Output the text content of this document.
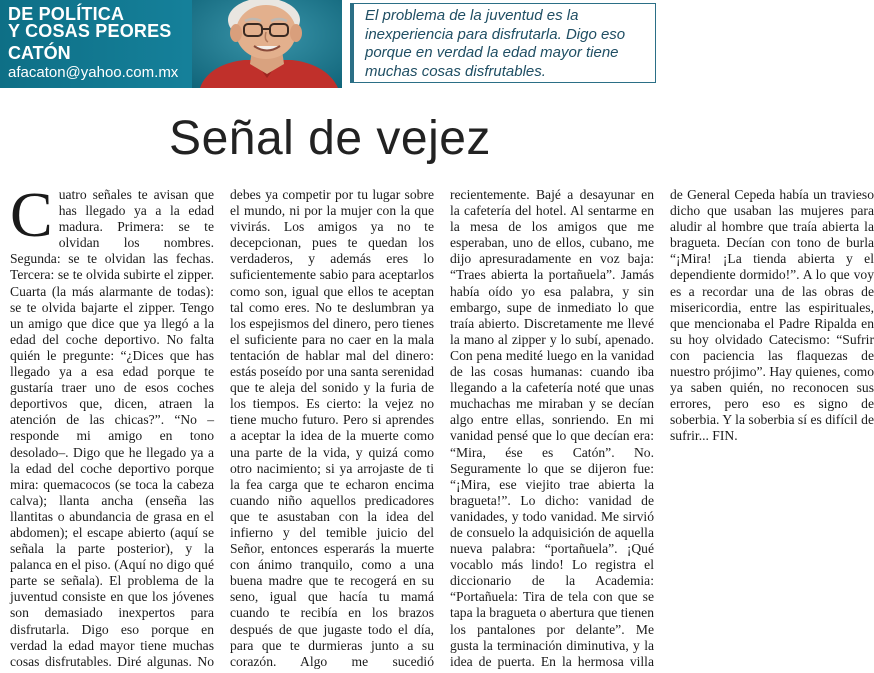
DE POLÍTICA
Y COSAS PEORES
CATÓN
afacaton@yahoo.com.mx
El problema de la juventud es la inexperiencia para disfrutarla. Digo eso porque en verdad la edad mayor tiene muchas cosas disfrutables.
Señal de vejez

Cuatro señales te avisan que has llegado ya a la edad madura. Primera: se te olvidan los nombres. Segunda: se te olvidan las fechas. Tercera: se te olvida subirte el zipper. Cuarta (la más alarmante de todas): se te olvida bajarte el zipper. Tengo un amigo que dice que ya llegó a la edad del coche deportivo. No falta quién le pregunte: “¿Dices que has llegado ya a esa edad porque te gustaría traer uno de esos coches deportivos que, dicen, atraen la atención de las chicas?”. “No –responde mi amigo en tono desolado–. Digo que he llegado ya a la edad del coche deportivo porque mira: quemacocos (se toca la cabeza calva); llanta ancha (enseña las llantitas o abundancia de grasa en el abdomen); el escape abierto (aquí se señala la parte posterior), y la palanca en el piso. (Aquí no digo qué parte se señala). El problema de la juventud consiste en que los jóvenes son demasiado inexpertos para disfrutarla. Digo eso porque en verdad la edad mayor tiene muchas cosas disfrutables. Diré algunas. No debes ya competir por tu lugar sobre el mundo, ni por la mujer con la que vivirás. Los amigos ya no te decepcionan, pues te quedan los verdaderos, y además eres lo suficientemente sabio para aceptarlos como son, igual que ellos te aceptan tal como eres. No te deslumbran ya los espejismos del dinero, pero tienes el suficiente para no caer en la mala tentación de hablar mal del dinero: estás poseído por una santa serenidad que te aleja del sonido y la furia de los tiempos. Es cierto: la vejez no tiene mucho futuro. Pero si aprendes a aceptar la idea de la muerte como una parte de la vida, y quizá como otro nacimiento; si ya arrojaste de ti la fea carga que te echaron encima cuando niño aquellos predicadores que te asustaban con la idea del infierno y del temible juicio del Señor, entonces esperarás la muerte con ánimo tranquilo, como a una buena madre que te recogerá en su seno, igual que hacía tu mamá cuando te recibía en los brazos después de que jugaste todo el día, para que te durmieras junto a su corazón. Algo me sucedió recientemente. Bajé a desayunar en la cafetería del hotel. Al sentarme en la mesa de los amigos que me esperaban, uno de ellos, cubano, me dijo apresuradamente en voz baja: “Traes abierta la portañuela”. Jamás había oído yo esa palabra, y sin embargo, supe de inmediato lo que traía abierto. Discretamente me llevé la mano al zipper y lo subí, apenado. Con pena medité luego en la vanidad de las cosas humanas: cuando iba llegando a la cafetería noté que unas muchachas me miraban y se decían algo entre ellas, sonriendo. En mi vanidad pensé que lo que decían era: “Mira, ése es Catón”. No. Seguramente lo que se dijeron fue: “¡Mira, ese viejito trae abierta la bragueta!”. Lo dicho: vanidad de vanidades, y todo vanidad. Me sirvió de consuelo la adquisición de aquella nueva palabra: “portañuela”. ¡Qué vocablo más lindo! Lo registra el diccionario de la Academia: “Portañuela: Tira de tela con que se tapa la bragueta o abertura que tienen los pantalones por delante”. Me gusta la terminación diminutiva, y la idea de puerta. En la hermosa villa de General Cepeda había un travieso dicho que usaban las mujeres para aludir al hombre que traía abierta la bragueta. Decían con tono de burla “¡Mira! ¡La tienda abierta y el dependiente dormido!”. A lo que voy es a recordar una de las obras de misericordia, entre las espirituales, que mencionaba el Padre Ripalda en su hoy olvidado Catecismo: “Sufrir con paciencia las flaquezas de nuestro prójimo”. Hay quienes, como ya saben quién, no reconocen sus errores, pero eso es signo de soberbia. Y la soberbia sí es difícil de sufrir... FIN.
